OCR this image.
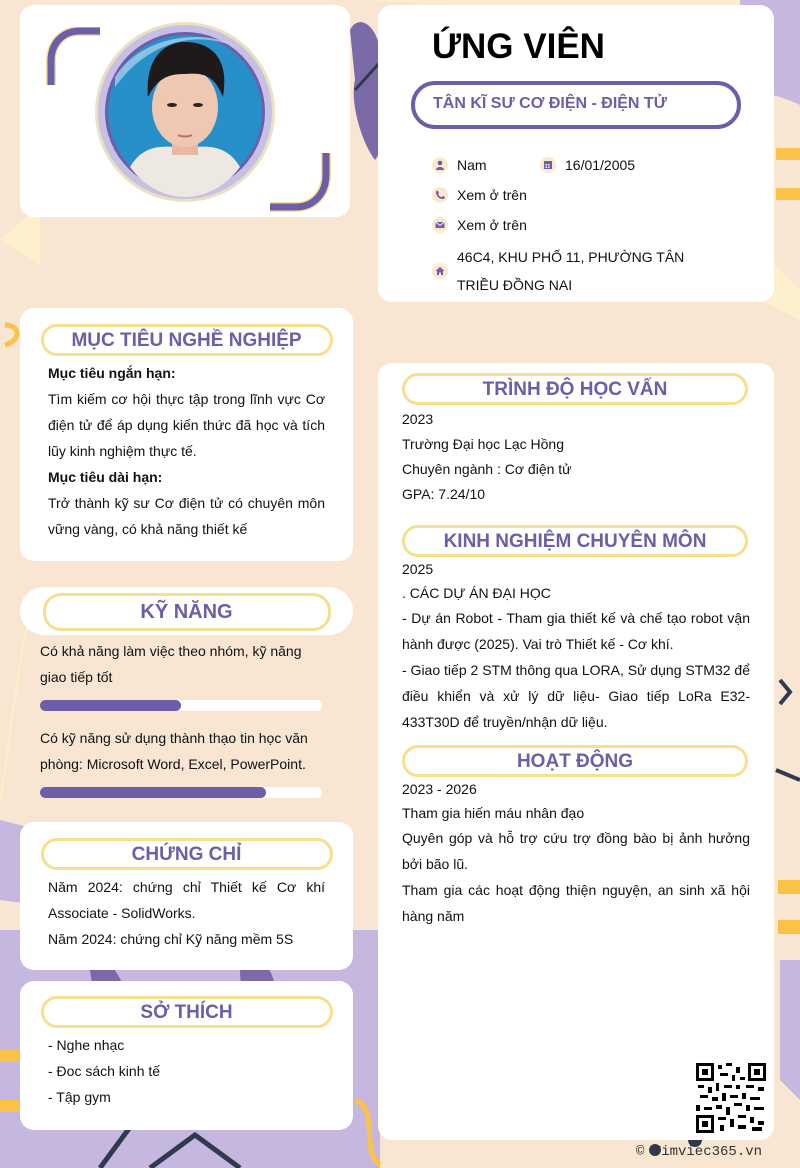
ỨNG VIÊN
TÂN KĨ SƯ CƠ ĐIỆN - ĐIỆN TỬ
Nam	16/01/2005
Xem ở trên
Xem ở trên
46C4, KHU PHỐ 11, PHƯỜNG TÂN
TRIỀU ĐỒNG NAI
MỤC TIÊU NGHỀ NGHIỆP
Mục tiêu ngắn hạn:
Tìm kiếm cơ hội thực tập trong lĩnh vực Cơ điện tử để áp dụng kiến thức đã học và tích lũy kinh nghiệm thực tế.
Mục tiêu dài hạn:
Trở thành kỹ sư Cơ điện tử có chuyên môn vững vàng, có khả năng thiết kế
KỸ NĂNG
Có khả năng làm việc theo nhóm, kỹ năng giao tiếp tốt
Có kỹ năng sử dụng thành thạo tin học văn phòng: Microsoft Word, Excel, PowerPoint.
CHỨNG CHỈ
Năm 2024: chứng chỉ Thiết kế Cơ khí Associate - SolidWorks.
Năm 2024: chứng chỉ Kỹ năng mềm 5S
SỞ THÍCH
- Nghe nhạc
- Đoc sách kinh tế
- Tập gym
TRÌNH ĐỘ HỌC VẤN
2023
Trường Đại học Lạc Hồng
Chuyên ngành : Cơ điện tử
GPA: 7.24/10
KINH NGHIỆM CHUYÊN MÔN
2025
. CÁC DỰ ÁN ĐẠI HỌC
- Dự án Robot - Tham gia thiết kế và chế tạo robot vận hành được (2025). Vai trò Thiết kế - Cơ khí.
- Giao tiếp 2 STM thông qua LORA, Sử dụng STM32 để điều khiển và xử lý dữ liệu- Giao tiếp LoRa E32-433T30D để truyền/nhận dữ liệu.
HOẠT ĐỘNG
2023 - 2026
Tham gia hiến máu nhân đạo
Quyên góp và hỗ trợ cứu trợ đồng bào bị ảnh hưởng bởi bão lũ.
Tham gia các hoạt động thiện nguyện, an sinh xã hội hàng năm
© Timviec365.vn
